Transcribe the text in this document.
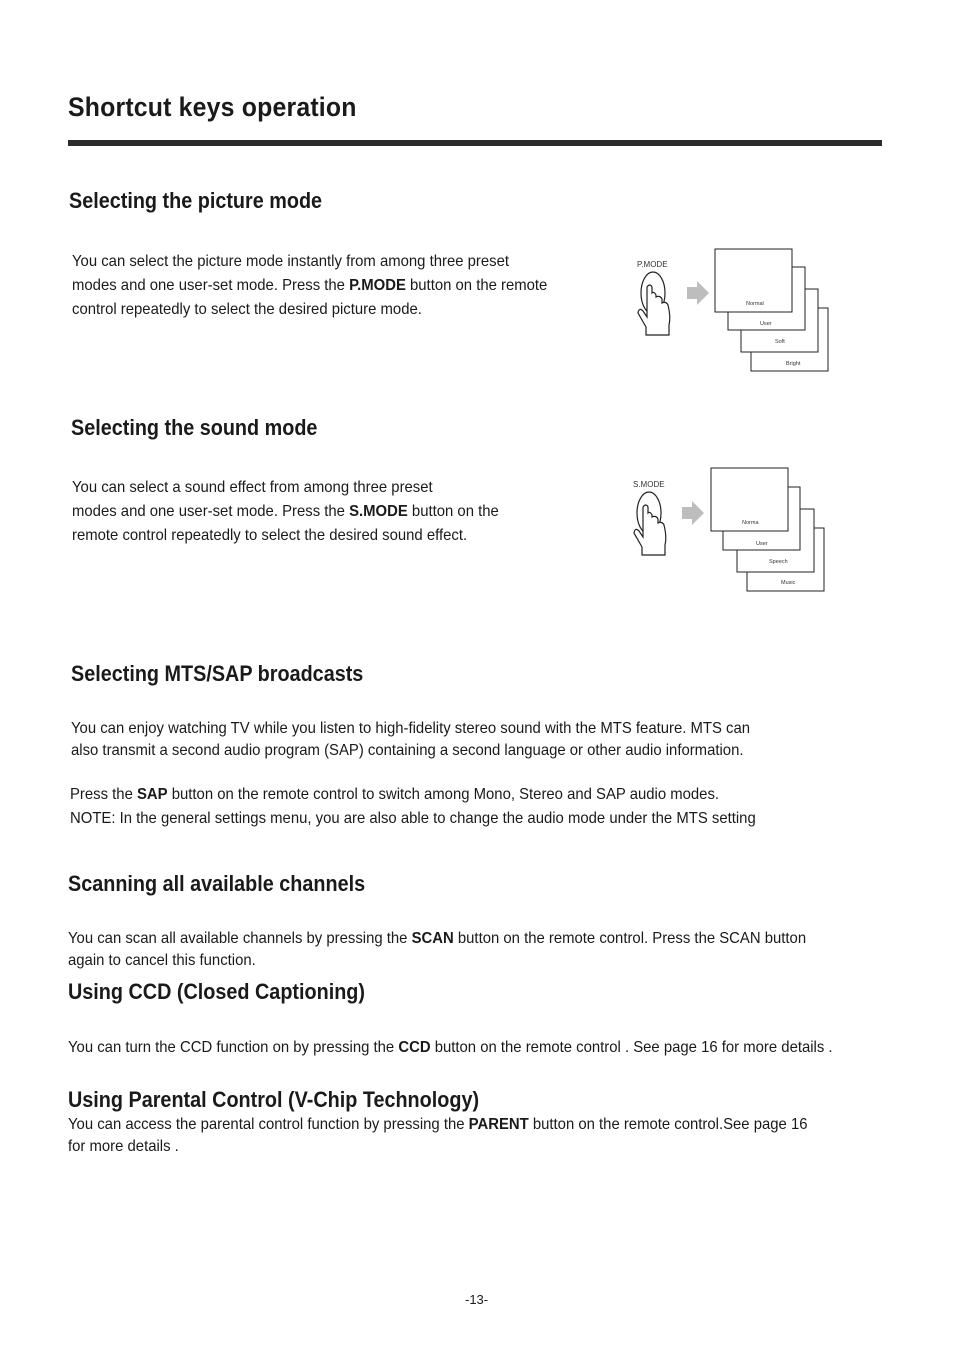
Shortcut keys operation
Selecting the picture mode
You can select the picture mode instantly from among three preset
modes and one user-set mode. Press the P.MODE button on the remote
control repeatedly to select the desired picture mode.
P.MODE
Normal
User
Soft
Bright
Selecting the sound mode
You can select a sound effect from among three preset
modes and one user-set mode. Press the S.MODE button on the
remote control repeatedly to select the desired sound effect.
S.MODE
Norma
User
Speech
Music
Selecting MTS/SAP broadcasts
You can enjoy watching TV while you listen to high-fidelity stereo sound with the MTS feature. MTS can
also transmit a second audio program (SAP) containing a second language or other audio information.
Press the SAP button on the remote control to switch among Mono, Stereo and SAP audio modes.
NOTE: In the general settings menu, you are also able to change the audio mode under the MTS setting
Scanning all available channels
You can scan all available channels by pressing the SCAN button on the remote control. Press the SCAN button
again to cancel this function.
Using CCD (Closed Captioning)
You can turn the CCD function on by pressing the CCD button on the remote control . See page 16 for more details .
Using Parental Control (V-Chip Technology)
You can access the parental control function by pressing the PARENT button on the remote control.See page 16
for more details .
-13-
